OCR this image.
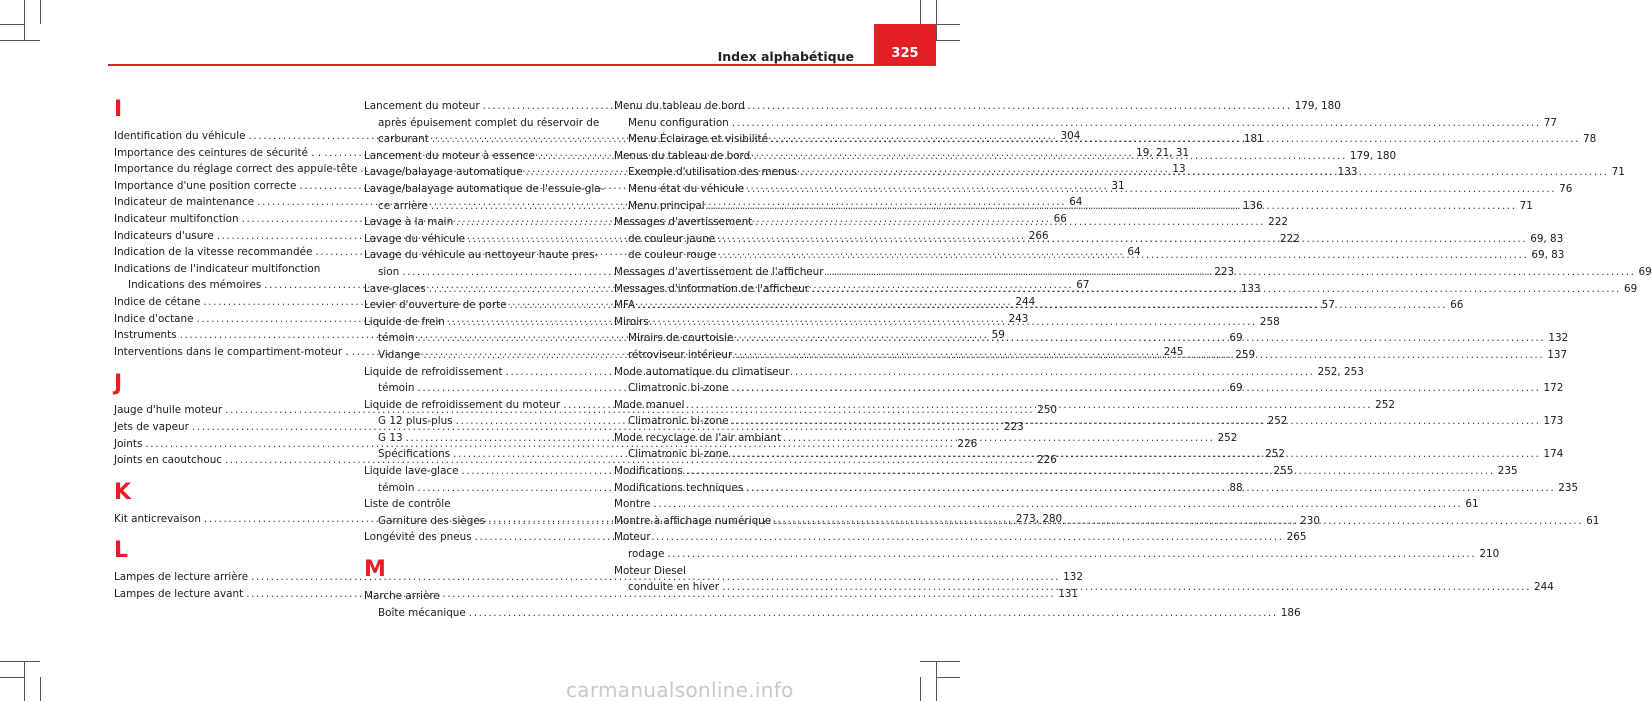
Index alphabétique	325
I
Identification du véhicule .....	304
Importance des ceintures de sécurité . . .....	19, 21, 31
Importance du réglage correct des appuie-tête .....	13
Importance d'une position correcte .....	31
Indicateur de maintenance .....	64
Indicateur multifonction .....	66
Indicateurs d'usure .....	266
Indication de la vitesse recommandée .....	64
Indications de l'indicateur multifonction
Indications des mémoires .....	67
Indice de cétane .....	244
Indice d'octane .....	243
Instruments .....	59
Interventions dans le compartiment-moteur . .....	245
J
Jauge d'huile moteur .....	250
Jets de vapeur .....	223
Joints .....	226
Joints en caoutchouc .....	226
K
Kit anticrevaison .....	273, 280
L
Lampes de lecture arrière .....	132
Lampes de lecture avant .....	131
Lancement du moteur .....	179, 180
après épuisement complet du réservoir de
carburant .....	181
Lancement du moteur à essence .....	179, 180
Lavage/balayage automatique .....	133
Lavage/balayage automatique de l'essuie-gla-
ce arrière .....	136
Lavage à la main .....	222
Lavage du véhicule .....	222
Lavage du véhicule au nettoyeur haute pres-
sion .....	223
Lave-glaces .....	133
Levier d'ouverture de porte .....	57
Liquide de frein .....	258
témoin .....	69
Vidange .....	259
Liquide de refroidissement .....	252, 253
témoin .....	69
Liquide de refroidissement du moteur .....	252
G 12 plus-plus .....	252
G 13 .....	252
Spécifications .....	252
Liquide lave-glace .....	255
témoin .....	88
Liste de contrôle
Garniture des sièges .....	230
Longévité des pneus .....	265
M
Marche arrière
Boîte mécanique .....	186
Menu du tableau de bord
Menu configuration .....	77
Menu Éclairage et visibilité .....	78
Menus du tableau de bord
Exemple d'utilisation des menus .....	71
Menu état du véhicule .....	76
Menu principal .....	71
Messages d'avertissement
de couleur jaune .....	69, 83
de couleur rouge .....	69, 83
Messages d'avertissement de l'afficheur .....	69
Messages d'information de l'afficheur .....	69
MFA .....	66
Miroirs
Miroirs de courtoisie .....	132
rétroviseur intérieur .....	137
Mode automatique du climatiseur
Climatronic bi-zone .....	172
Mode manuel
Climatronic bi-zone .....	173
Mode recyclage de l'air ambiant
Climatronic bi-zone .....	174
Modifications .....	235
Modifications techniques .....	235
Montre .....	61
Montre à affichage numérique .....	61
Moteur
rodage .....	210
Moteur Diesel
conduite en hiver .....	244
carmanualsonline.info
